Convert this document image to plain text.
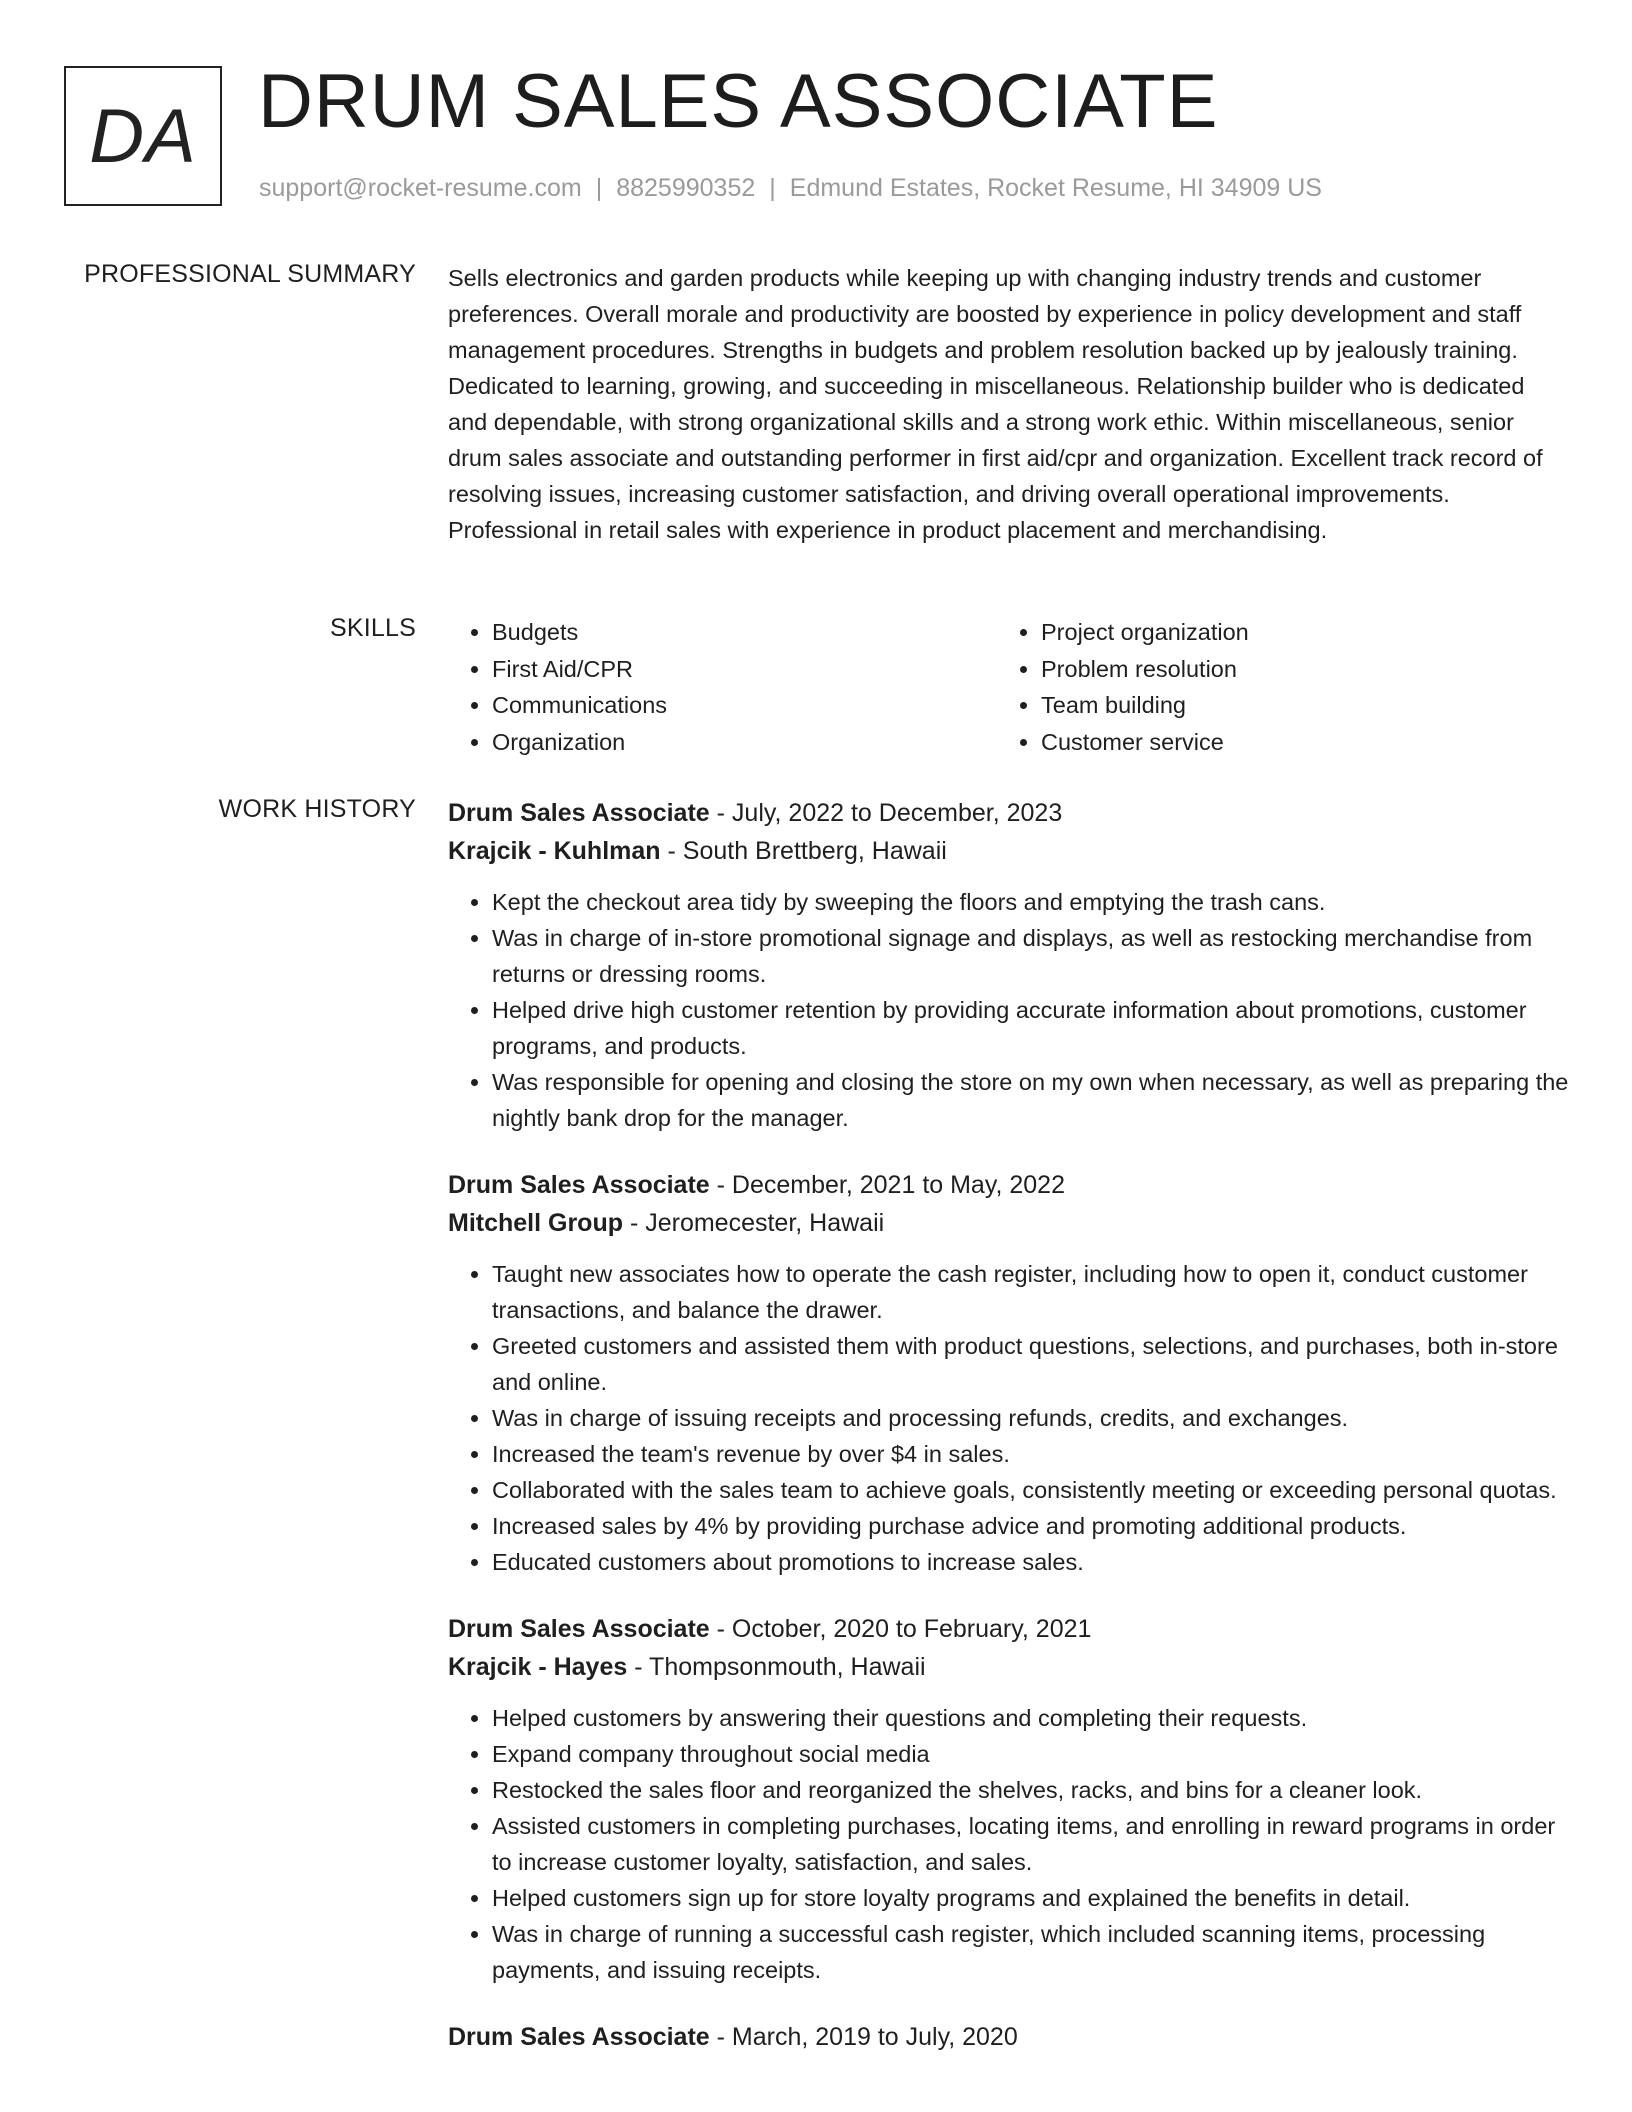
DA DRUM SALES ASSOCIATE
support@rocket-resume.com | 8825990352 | Edmund Estates, Rocket Resume, HI 34909 US
PROFESSIONAL SUMMARY Sells electronics and garden products while keeping up with changing industry trends and customer preferences. Overall morale and productivity are boosted by experience in policy development and staff management procedures. Strengths in budgets and problem resolution backed up by jealously training. Dedicated to learning, growing, and succeeding in miscellaneous. Relationship builder who is dedicated and dependable, with strong organizational skills and a strong work ethic. Within miscellaneous, senior drum sales associate and outstanding performer in first aid/cpr and organization. Excellent track record of resolving issues, increasing customer satisfaction, and driving overall operational improvements. Professional in retail sales with experience in product placement and merchandising.

SKILLS
•	Budgets
• First Aid/CPR
• Communications
• Organization
• Project organization
• Problem resolution
• Team building
• Customer service
WORK HISTORY Drum Sales Associate - July, 2022 to December, 2023
Krajcik - Kuhlman - South Brettberg, Hawaii
• Kept the checkout area tidy by sweeping the floors and emptying the trash cans.
• Was in charge of in-store promotional signage and displays, as well as restocking merchandise from returns or dressing rooms.
• Helped drive high customer retention by providing accurate information about promotions, customer programs, and products.
• Was responsible for opening and closing the store on my own when necessary, as well as preparing the nightly bank drop for the manager.
Drum Sales Associate - December, 2021 to May, 2022
Mitchell Group - Jeromecester, Hawaii
• Taught new associates how to operate the cash register, including how to open it, conduct customer transactions, and balance the drawer.
• Greeted customers and assisted them with product questions, selections, and purchases, both in-store and online.
• Was in charge of issuing receipts and processing refunds, credits, and exchanges.
• Increased the team's revenue by over $4 in sales.
• Collaborated with the sales team to achieve goals, consistently meeting or exceeding personal quotas.
• Increased sales by 4% by providing purchase advice and promoting additional products.
• Educated customers about promotions to increase sales.
Drum Sales Associate - October, 2020 to February, 2021
Krajcik - Hayes - Thompsonmouth, Hawaii
• Helped customers by answering their questions and completing their requests.
• Expand company throughout social media
• Restocked the sales floor and reorganized the shelves, racks, and bins for a cleaner look.
• Assisted customers in completing purchases, locating items, and enrolling in reward programs in order to increase customer loyalty, satisfaction, and sales.
• Helped customers sign up for store loyalty programs and explained the benefits in detail.
• Was in charge of running a successful cash register, which included scanning items, processing payments, and issuing receipts.
Drum Sales Associate - March, 2019 to July, 2020
